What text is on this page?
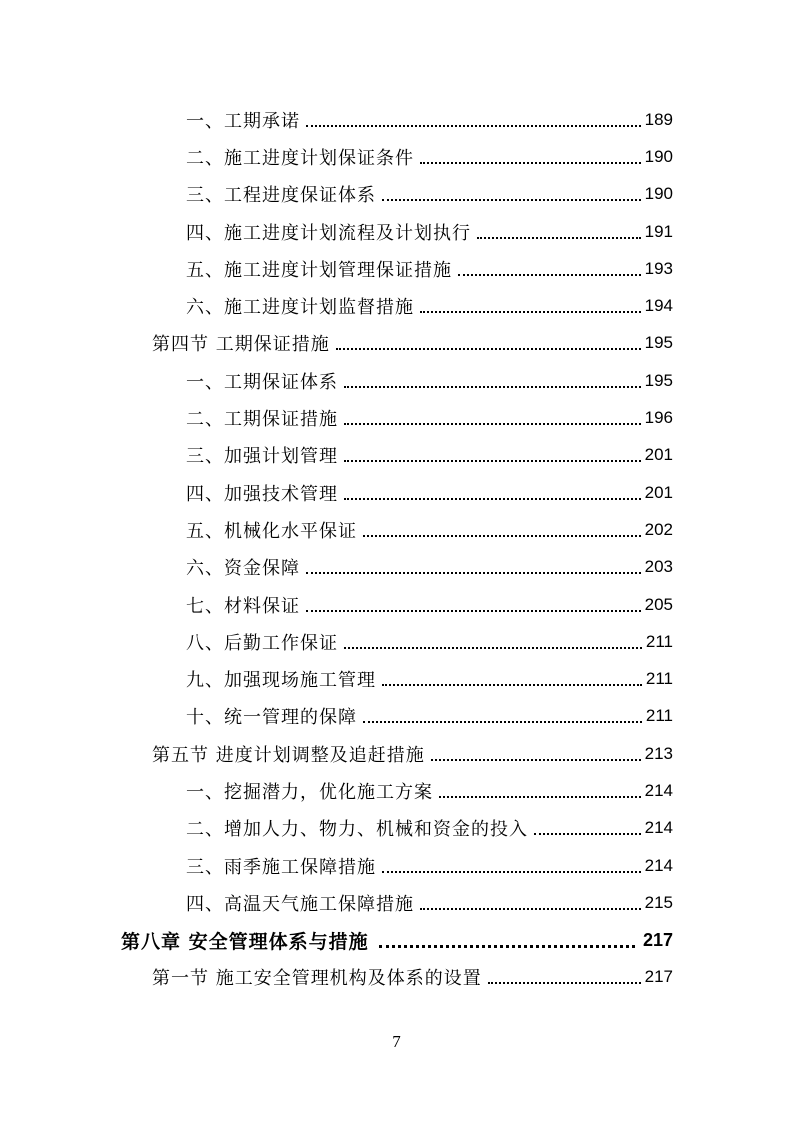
一、工期承诺	189
二、施工进度计划保证条件	190
三、工程进度保证体系	190
四、施工进度计划流程及计划执行	191
五、施工进度计划管理保证措施	193
六、施工进度计划监督措施	194
第四节 工期保证措施	195
一、工期保证体系	195
二、工期保证措施	196
三、加强计划管理	201
四、加强技术管理	201
五、机械化水平保证	202
六、资金保障	203
七、材料保证	205
八、后勤工作保证	211
九、加强现场施工管理	211
十、统一管理的保障	211
第五节 进度计划调整及追赶措施	213
一、挖掘潜力，优化施工方案	214
二、增加人力、物力、机械和资金的投入	214
三、雨季施工保障措施	214
四、高温天气施工保障措施	215
第八章 安全管理体系与措施	217
第一节 施工安全管理机构及体系的设置	217
7
